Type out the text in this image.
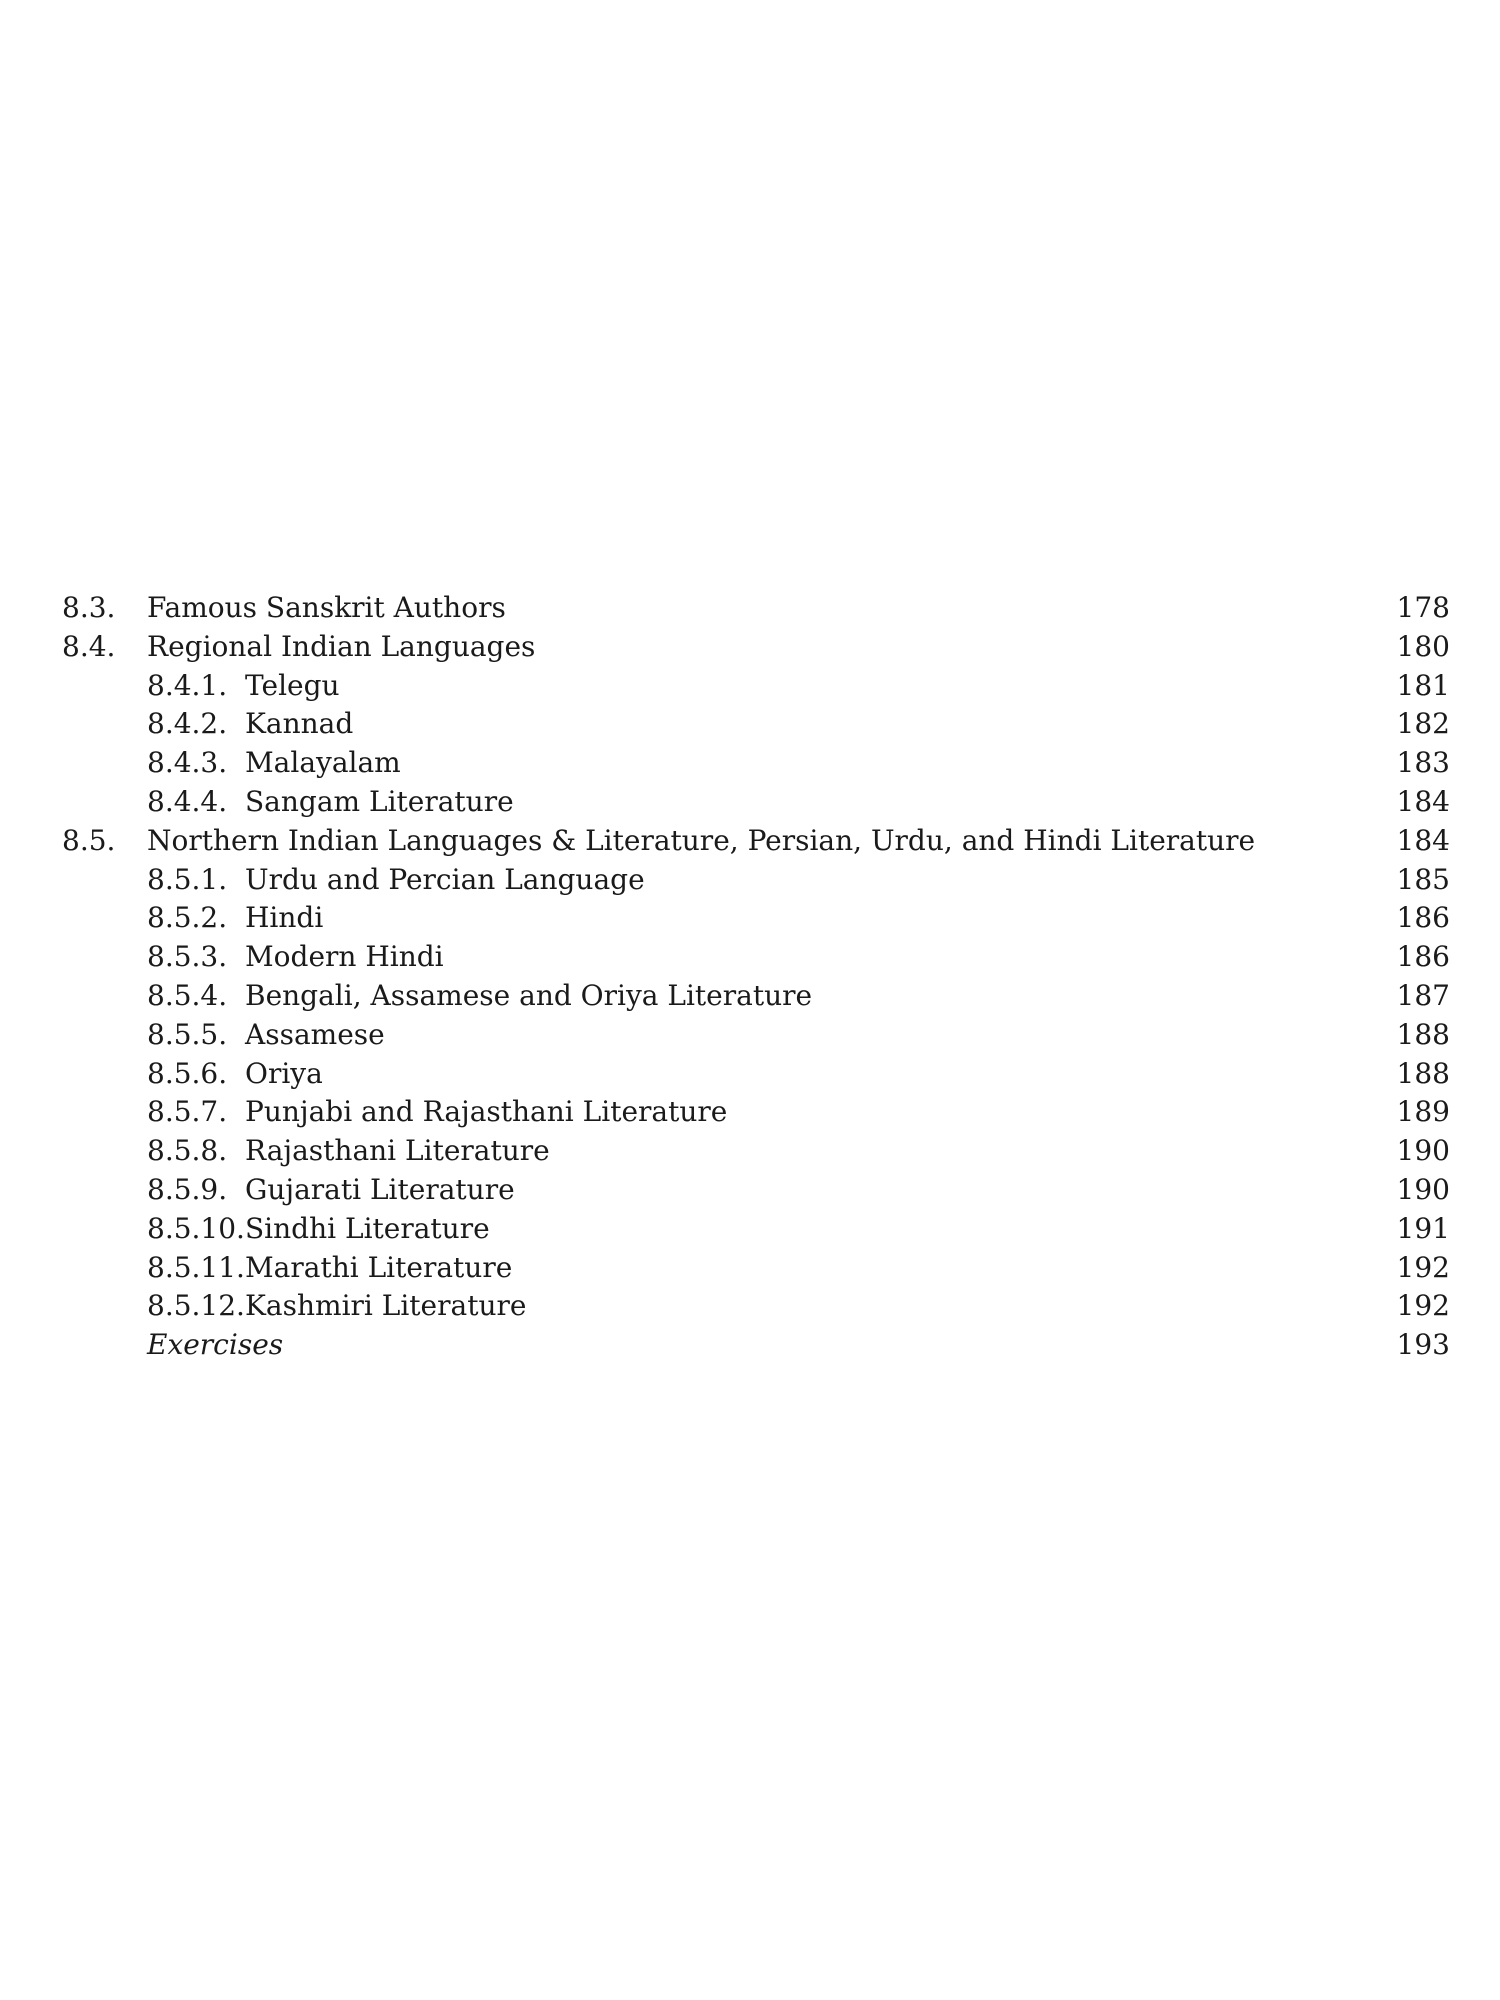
8.3. Famous Sanskrit Authors	178
8.4. Regional Indian Languages	180
8.4.1. Telegu	181
8.4.2. Kannad	182
8.4.3. Malayalam	183
8.4.4. Sangam Literature	184
8.5. Northern Indian Languages & Literature, Persian, Urdu, and Hindi Literature	184
8.5.1. Urdu and Percian Language	185
8.5.2. Hindi	186
8.5.3. Modern Hindi	186
8.5.4. Bengali, Assamese and Oriya Literature	187
8.5.5. Assamese	188
8.5.6. Oriya	188
8.5.7. Punjabi and Rajasthani Literature	189
8.5.8. Rajasthani Literature	190
8.5.9. Gujarati Literature	190
8.5.10. Sindhi Literature	191
8.5.11. Marathi Literature	192
8.5.12. Kashmiri Literature	192
Exercises	193
